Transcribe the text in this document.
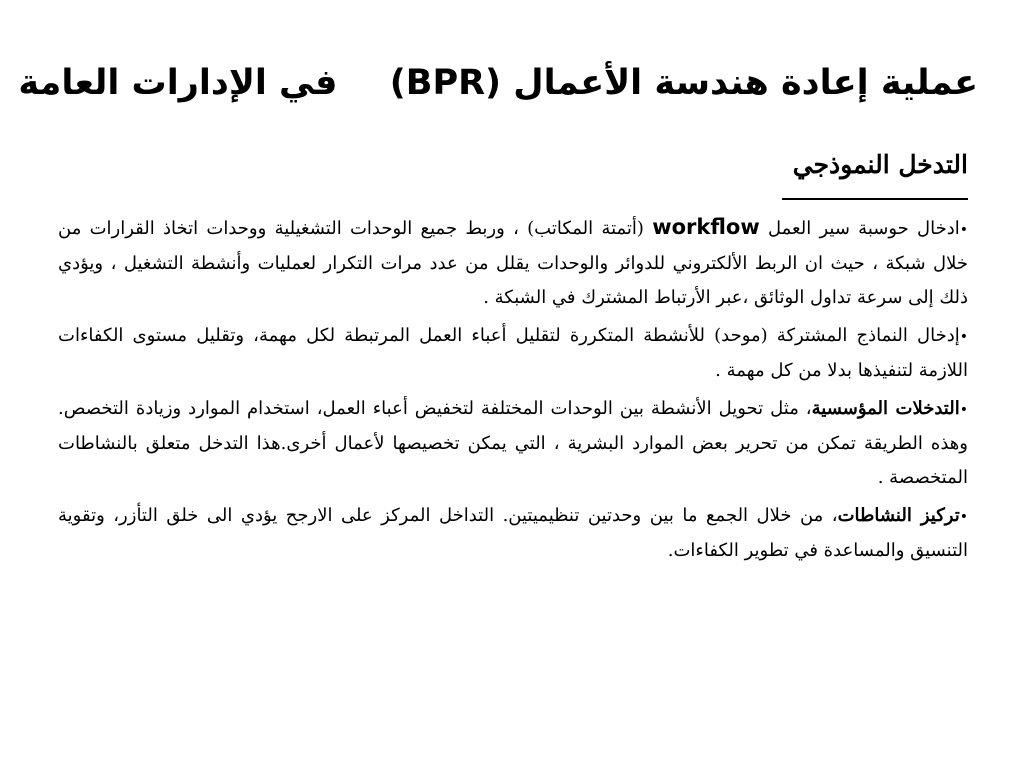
عملية إعادة هندسة الأعمال (BPR)  في الإدارات العامة
التدخل النموذجي

•ادخال حوسبة سير العمل workflow (أتمتة المكاتب) ، وربط جميع الوحدات التشغيلية ووحدات اتخاذ القرارات من خلال شبكة ، حيث ان الربط الألكتروني للدوائر والوحدات يقلل من عدد مرات التكرار لعمليات وأنشطة التشغيل ، ويؤدي ذلك إلى سرعة تداول الوثائق ،عبر الأرتباط المشترك في الشبكة .

•إدخال النماذج المشتركة (موحد) للأنشطة المتكررة لتقليل أعباء العمل المرتبطة لكل مهمة، وتقليل مستوى الكفاءات اللازمة لتنفيذها بدلا من كل مهمة .

•التدخلات المؤسسية، مثل تحويل الأنشطة بين الوحدات المختلفة لتخفيض أعباء العمل، استخدام الموارد وزيادة التخصص. وهذه الطريقة تمكن من تحرير بعض الموارد البشرية ، التي يمكن تخصيصها لأعمال أخرى.هذا التدخل متعلق بالنشاطات المتخصصة .

•تركيز النشاطات، من خلال الجمع ما بين وحدتين تنظيميتين. التداخل المركز على الارجح يؤدي الى خلق التأزر، وتقوية التنسيق والمساعدة في تطوير الكفاءات.
